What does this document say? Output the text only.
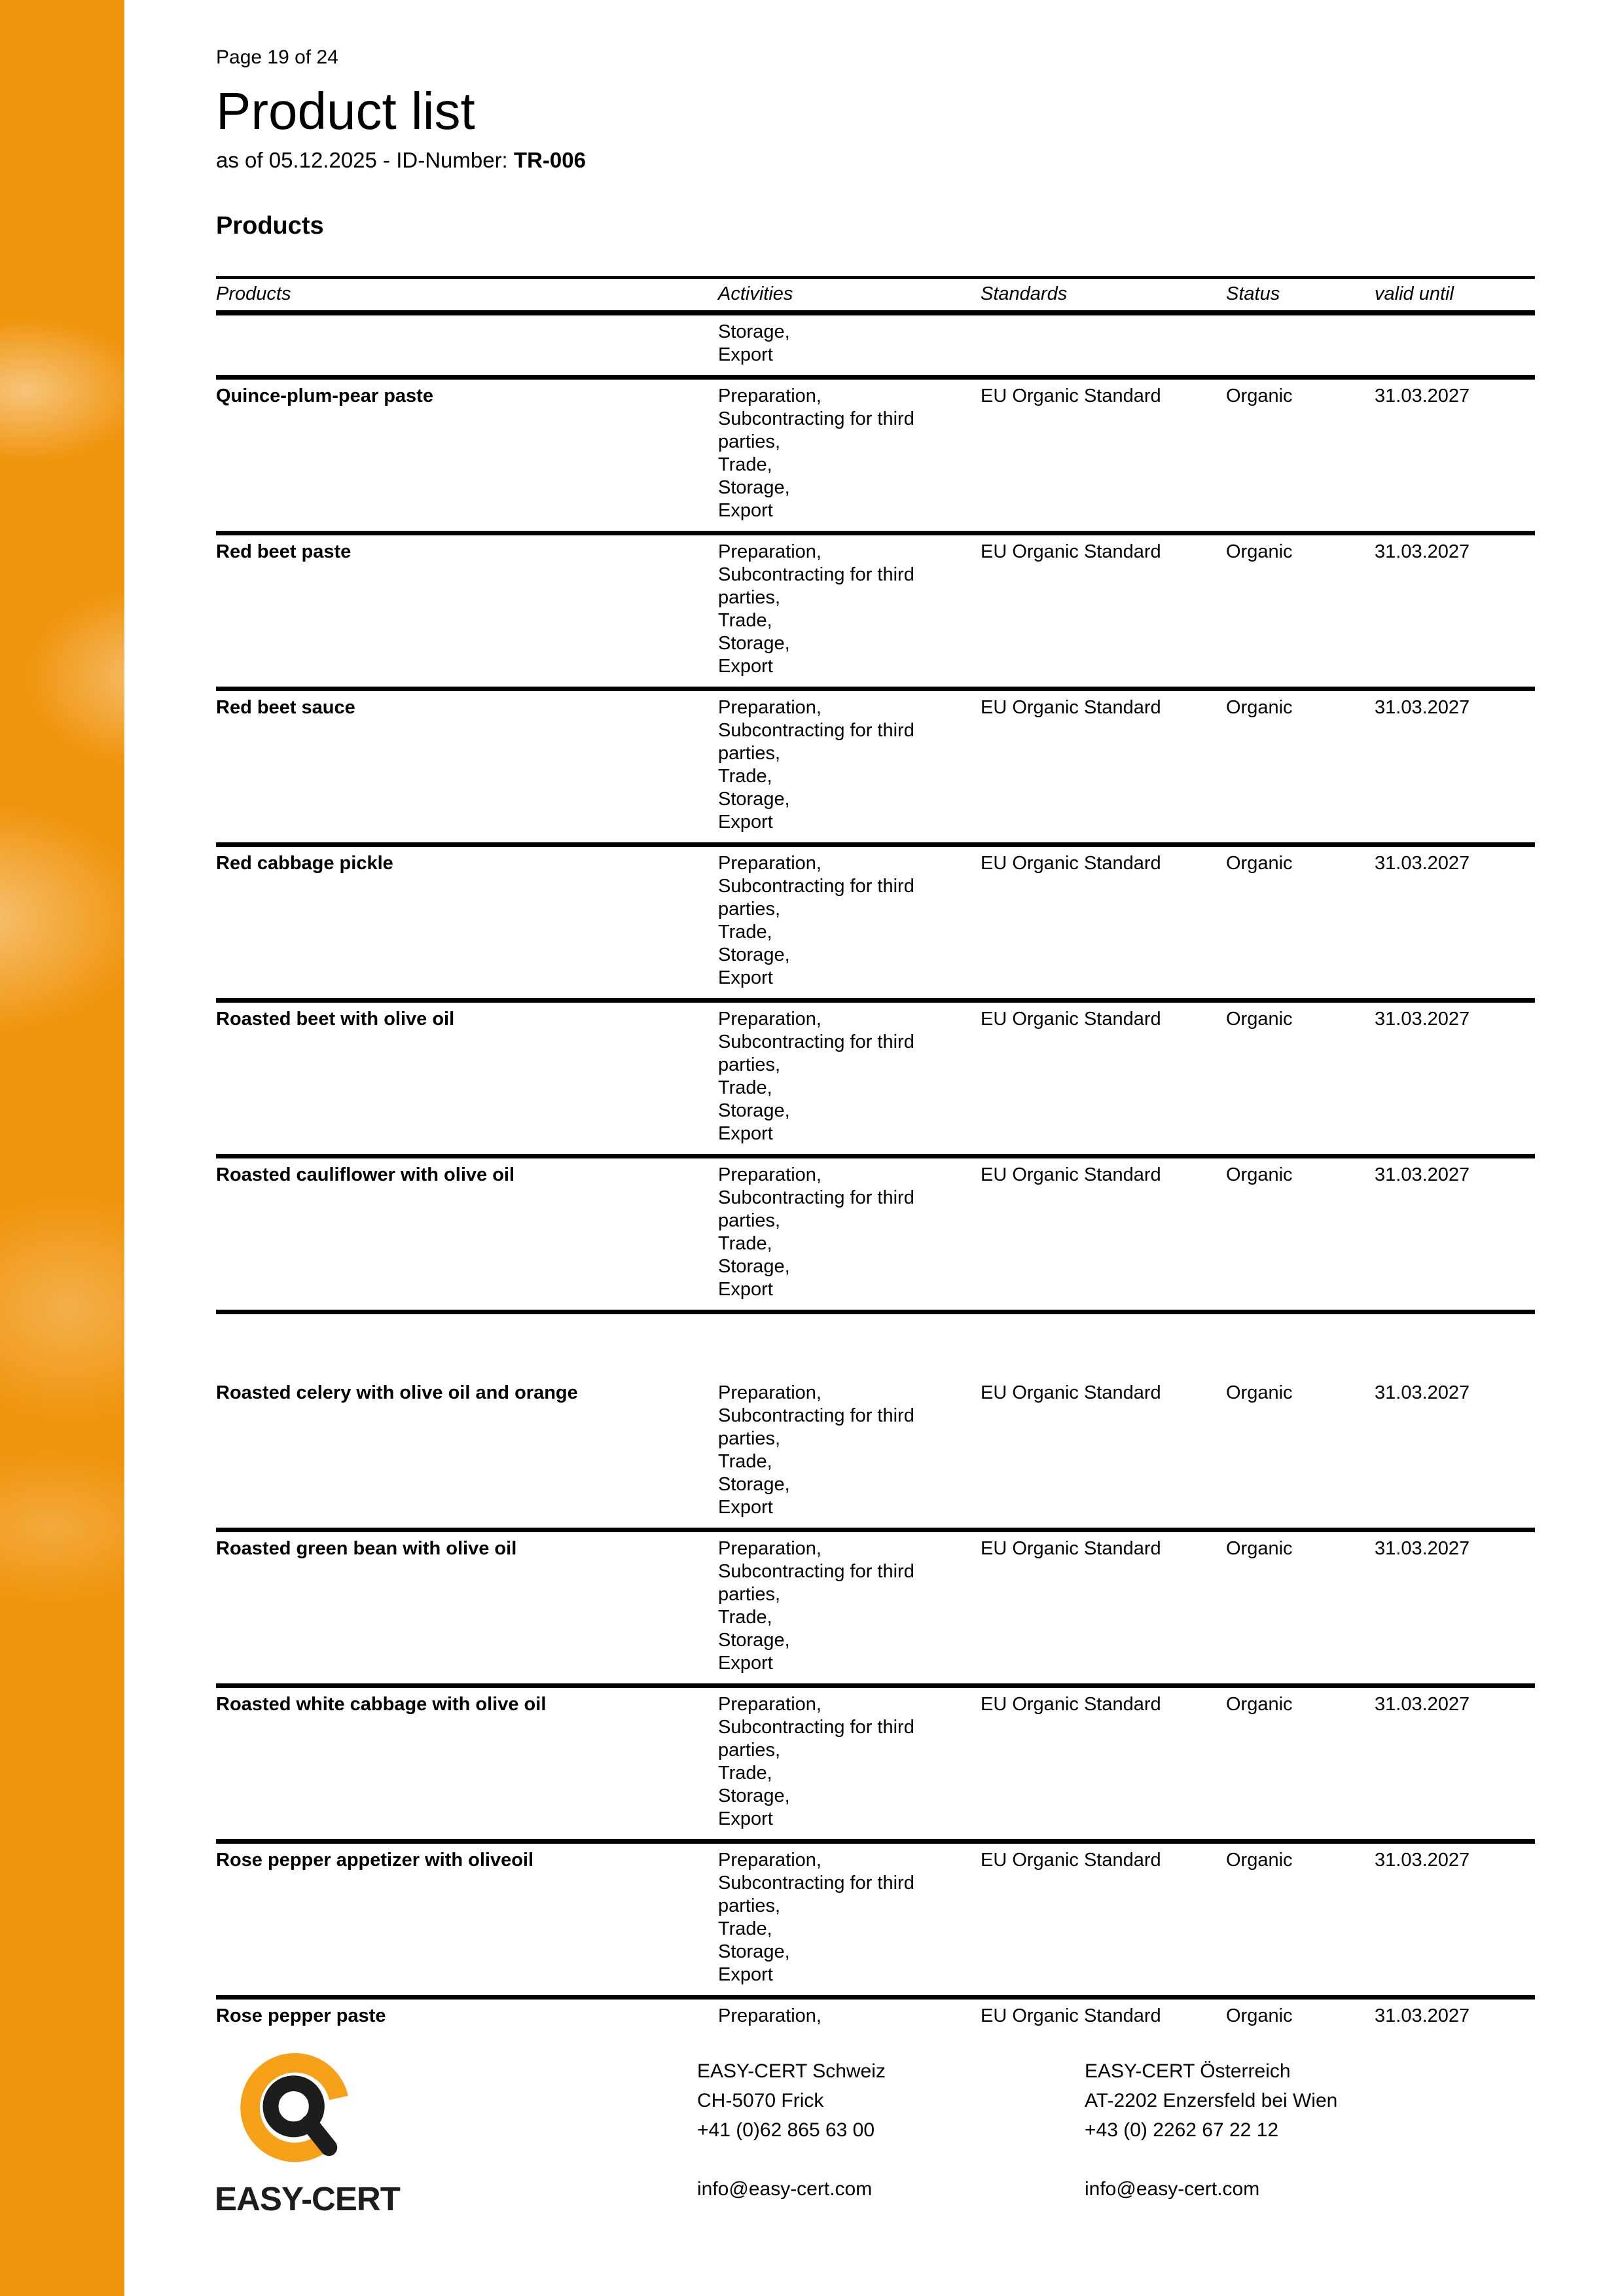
Page 19 of 24
Product list
as of 05.12.2025 - ID-Number: TR-006
Products
Products	Activities	Standards	Status	valid until
Storage,
Export
Quince-plum-pear paste	Preparation,
Subcontracting for third
parties,
Trade,
Storage,
Export
EU Organic Standard	Organic	31.03.2027
Red beet paste	Preparation,
Subcontracting for third
parties,
Trade,
Storage,
Export
EU Organic Standard	Organic	31.03.2027
Red beet sauce	Preparation,
Subcontracting for third
parties,
Trade,
Storage,
Export
EU Organic Standard	Organic	31.03.2027
Red cabbage pickle	Preparation,
Subcontracting for third
parties,
Trade,
Storage,
Export
EU Organic Standard	Organic	31.03.2027
Roasted beet with olive oil	Preparation,
Subcontracting for third
parties,
Trade,
Storage,
Export
EU Organic Standard	Organic	31.03.2027
Roasted cauliflower with olive oil	Preparation,
Subcontracting for third
parties,
Trade,
Storage,
Export
EU Organic Standard	Organic	31.03.2027
Roasted celery with olive oil and orange	Preparation,
Subcontracting for third
parties,
Trade,
Storage,
Export
EU Organic Standard	Organic	31.03.2027
Roasted green bean with olive oil	Preparation,
Subcontracting for third
parties,
Trade,
Storage,
Export
EU Organic Standard	Organic	31.03.2027
Roasted white cabbage with olive oil	Preparation,
Subcontracting for third
parties,
Trade,
Storage,
Export
EU Organic Standard	Organic	31.03.2027
Rose pepper appetizer with oliveoil	Preparation,
Subcontracting for third
parties,
Trade,
Storage,
Export
EU Organic Standard	Organic	31.03.2027
Rose pepper paste	Preparation,	EU Organic Standard	Organic	31.03.2027
EASY-CERT
EASY-CERT Schweiz
CH-5070 Frick
+41 (0)62 865 63 00

info@easy-cert.com
EASY-CERT Österreich
AT-2202 Enzersfeld bei Wien
+43 (0) 2262 67 22 12

info@easy-cert.com
